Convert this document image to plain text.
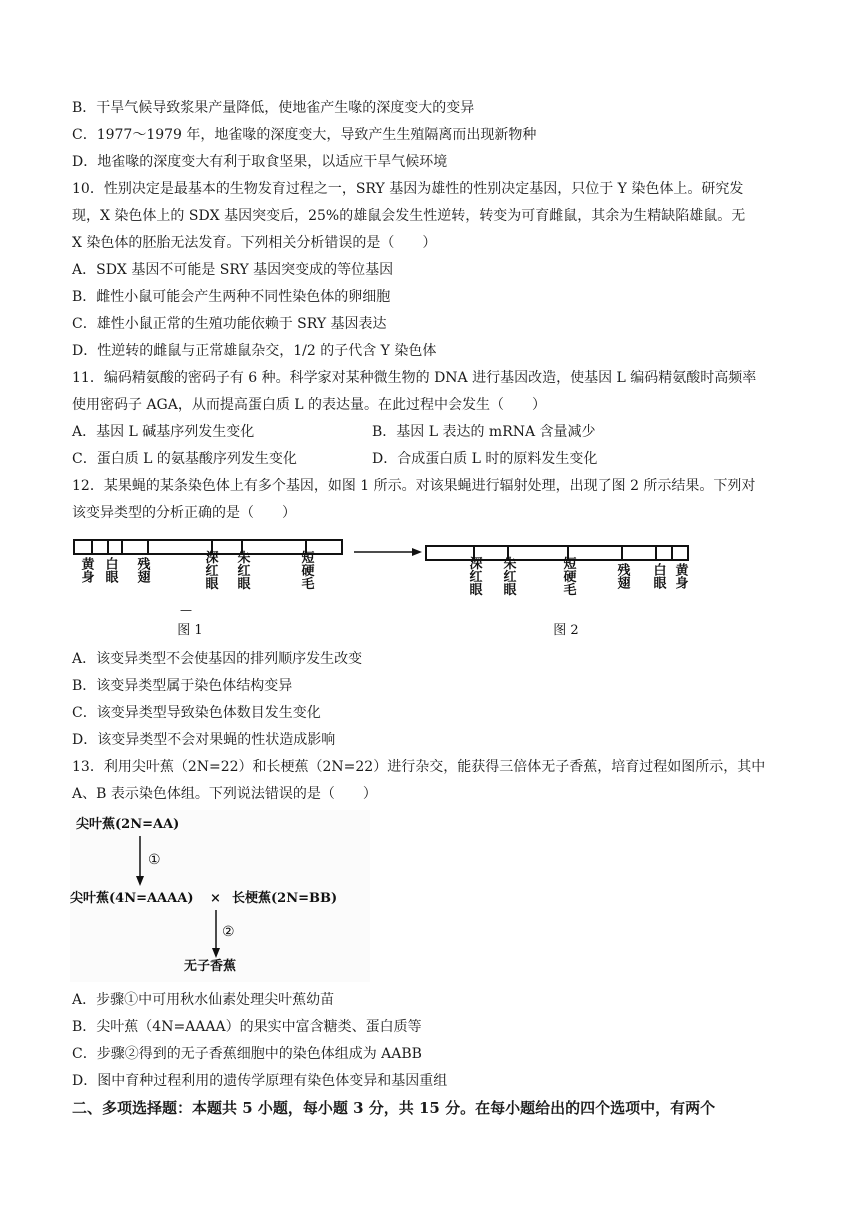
B．干旱气候导致浆果产量降低，使地雀产生喙的深度变大的变异
C．1977～1979 年，地雀喙的深度变大，导致产生生殖隔离而出现新物种
D．地雀喙的深度变大有利于取食坚果，以适应干旱气候环境
10．性别决定是最基本的生物发育过程之一，SRY 基因为雄性的性别决定基因，只位于 Y 染色体上。研究发
现，X 染色体上的 SDX 基因突变后，25%的雄鼠会发生性逆转，转变为可育雌鼠，其余为生精缺陷雄鼠。无
X 染色体的胚胎无法发育。下列相关分析错误的是（　　）
A．SDX 基因不可能是 SRY 基因突变成的等位基因
B．雌性小鼠可能会产生两种不同性染色体的卵细胞
C．雄性小鼠正常的生殖功能依赖于 SRY 基因表达
D．性逆转的雌鼠与正常雄鼠杂交，1/2 的子代含 Y 染色体
11．编码精氨酸的密码子有 6 种。科学家对某种微生物的 DNA 进行基因改造，使基因 L 编码精氨酸时高频率
使用密码子 AGA，从而提高蛋白质 L 的表达量。在此过程中会发生（　　）
A．基因 L 碱基序列发生变化	B．基因 L 表达的 mRNA 含量减少
C．蛋白质 L 的氨基酸序列发生变化	D．合成蛋白质 L 时的原料发生变化
12．某果蝇的某条染色体上有多个基因，如图 1 所示。对该果蝇进行辐射处理，出现了图 2 所示结果。下列对
该变异类型的分析正确的是（　　）
黄身 白眼 残翅	深红眼 朱红眼	短硬毛	深红眼 朱红眼	短硬毛	残翅 白眼 黄身
—
图 1	图 2
A．该变异类型不会使基因的排列顺序发生改变
B．该变异类型属于染色体结构变异
C．该变异类型导致染色体数目发生变化
D．该变异类型不会对果蝇的性状造成影响
13．利用尖叶蕉（2N=22）和长梗蕉（2N=22）进行杂交，能获得三倍体无子香蕉，培育过程如图所示，其中
A、B 表示染色体组。下列说法错误的是（　　）
尖叶蕉(2N=AA)
尖叶蕉(4N=AAAA) × 长梗蕉(2N=BB)
无子香蕉
①
②
A．步骤①中可用秋水仙素处理尖叶蕉幼苗
B．尖叶蕉（4N=AAAA）的果实中富含糖类、蛋白质等
C．步骤②得到的无子香蕉细胞中的染色体组成为 AABB
D．图中育种过程利用的遗传学原理有染色体变异和基因重组
二、多项选择题：本题共 5 小题，每小题 3 分，共 15 分。在每小题给出的四个选项中，有两个
